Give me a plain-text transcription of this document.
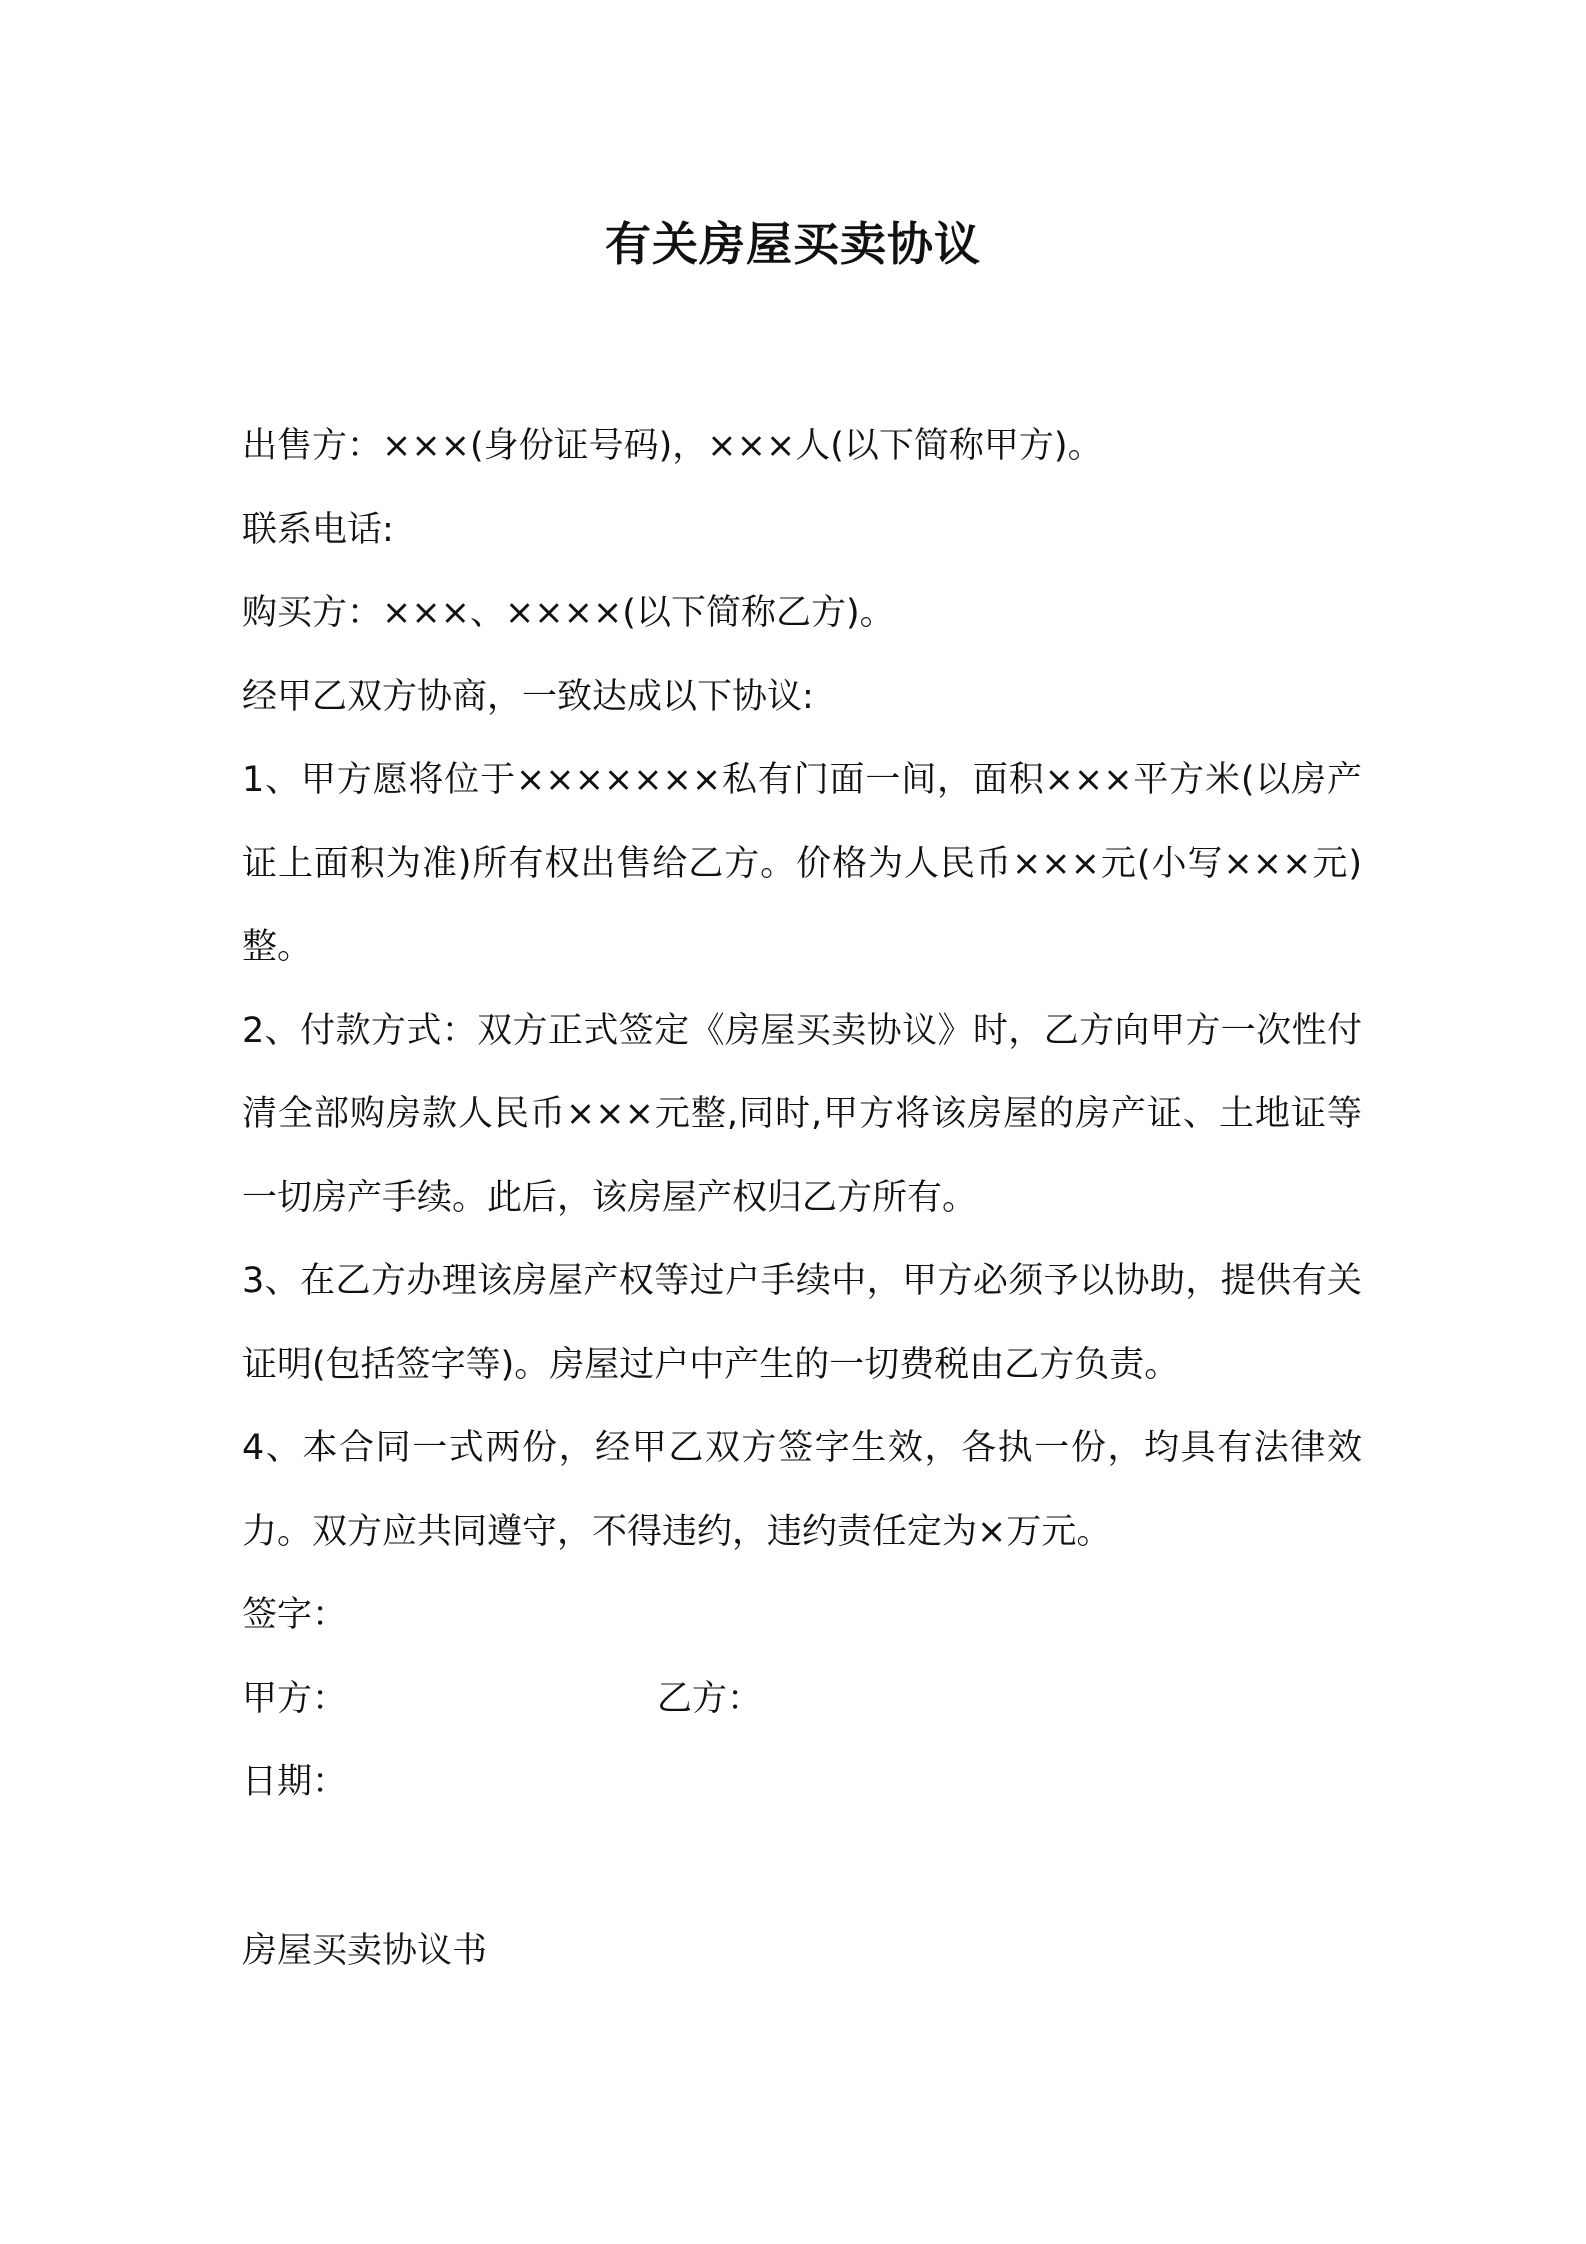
有关房屋买卖协议

出售方：×××(身份证号码)，×××人(以下简称甲方)。

联系电话:

购买方：×××、××××(以下简称乙方)。

经甲乙双方协商，一致达成以下协议:

1、甲方愿将位于×××××××私有门面一间，面积×××平方米(以房产证上面积为准)所有权出售给乙方。价格为人民币×××元(小写×××元)整。

2、付款方式：双方正式签定《房屋买卖协议》时，乙方向甲方一次性付清全部购房款人民币×××元整,同时,甲方将该房屋的房产证、土地证等一切房产手续。此后，该房屋产权归乙方所有。

3、在乙方办理该房屋产权等过户手续中，甲方必须予以协助，提供有关证明(包括签字等)。房屋过户中产生的一切费税由乙方负责。

4、本合同一式两份，经甲乙双方签字生效，各执一份，均具有法律效力。双方应共同遵守，不得违约，违约责任定为×万元。

签字：

甲方：	乙方：

日期：

房屋买卖协议书
